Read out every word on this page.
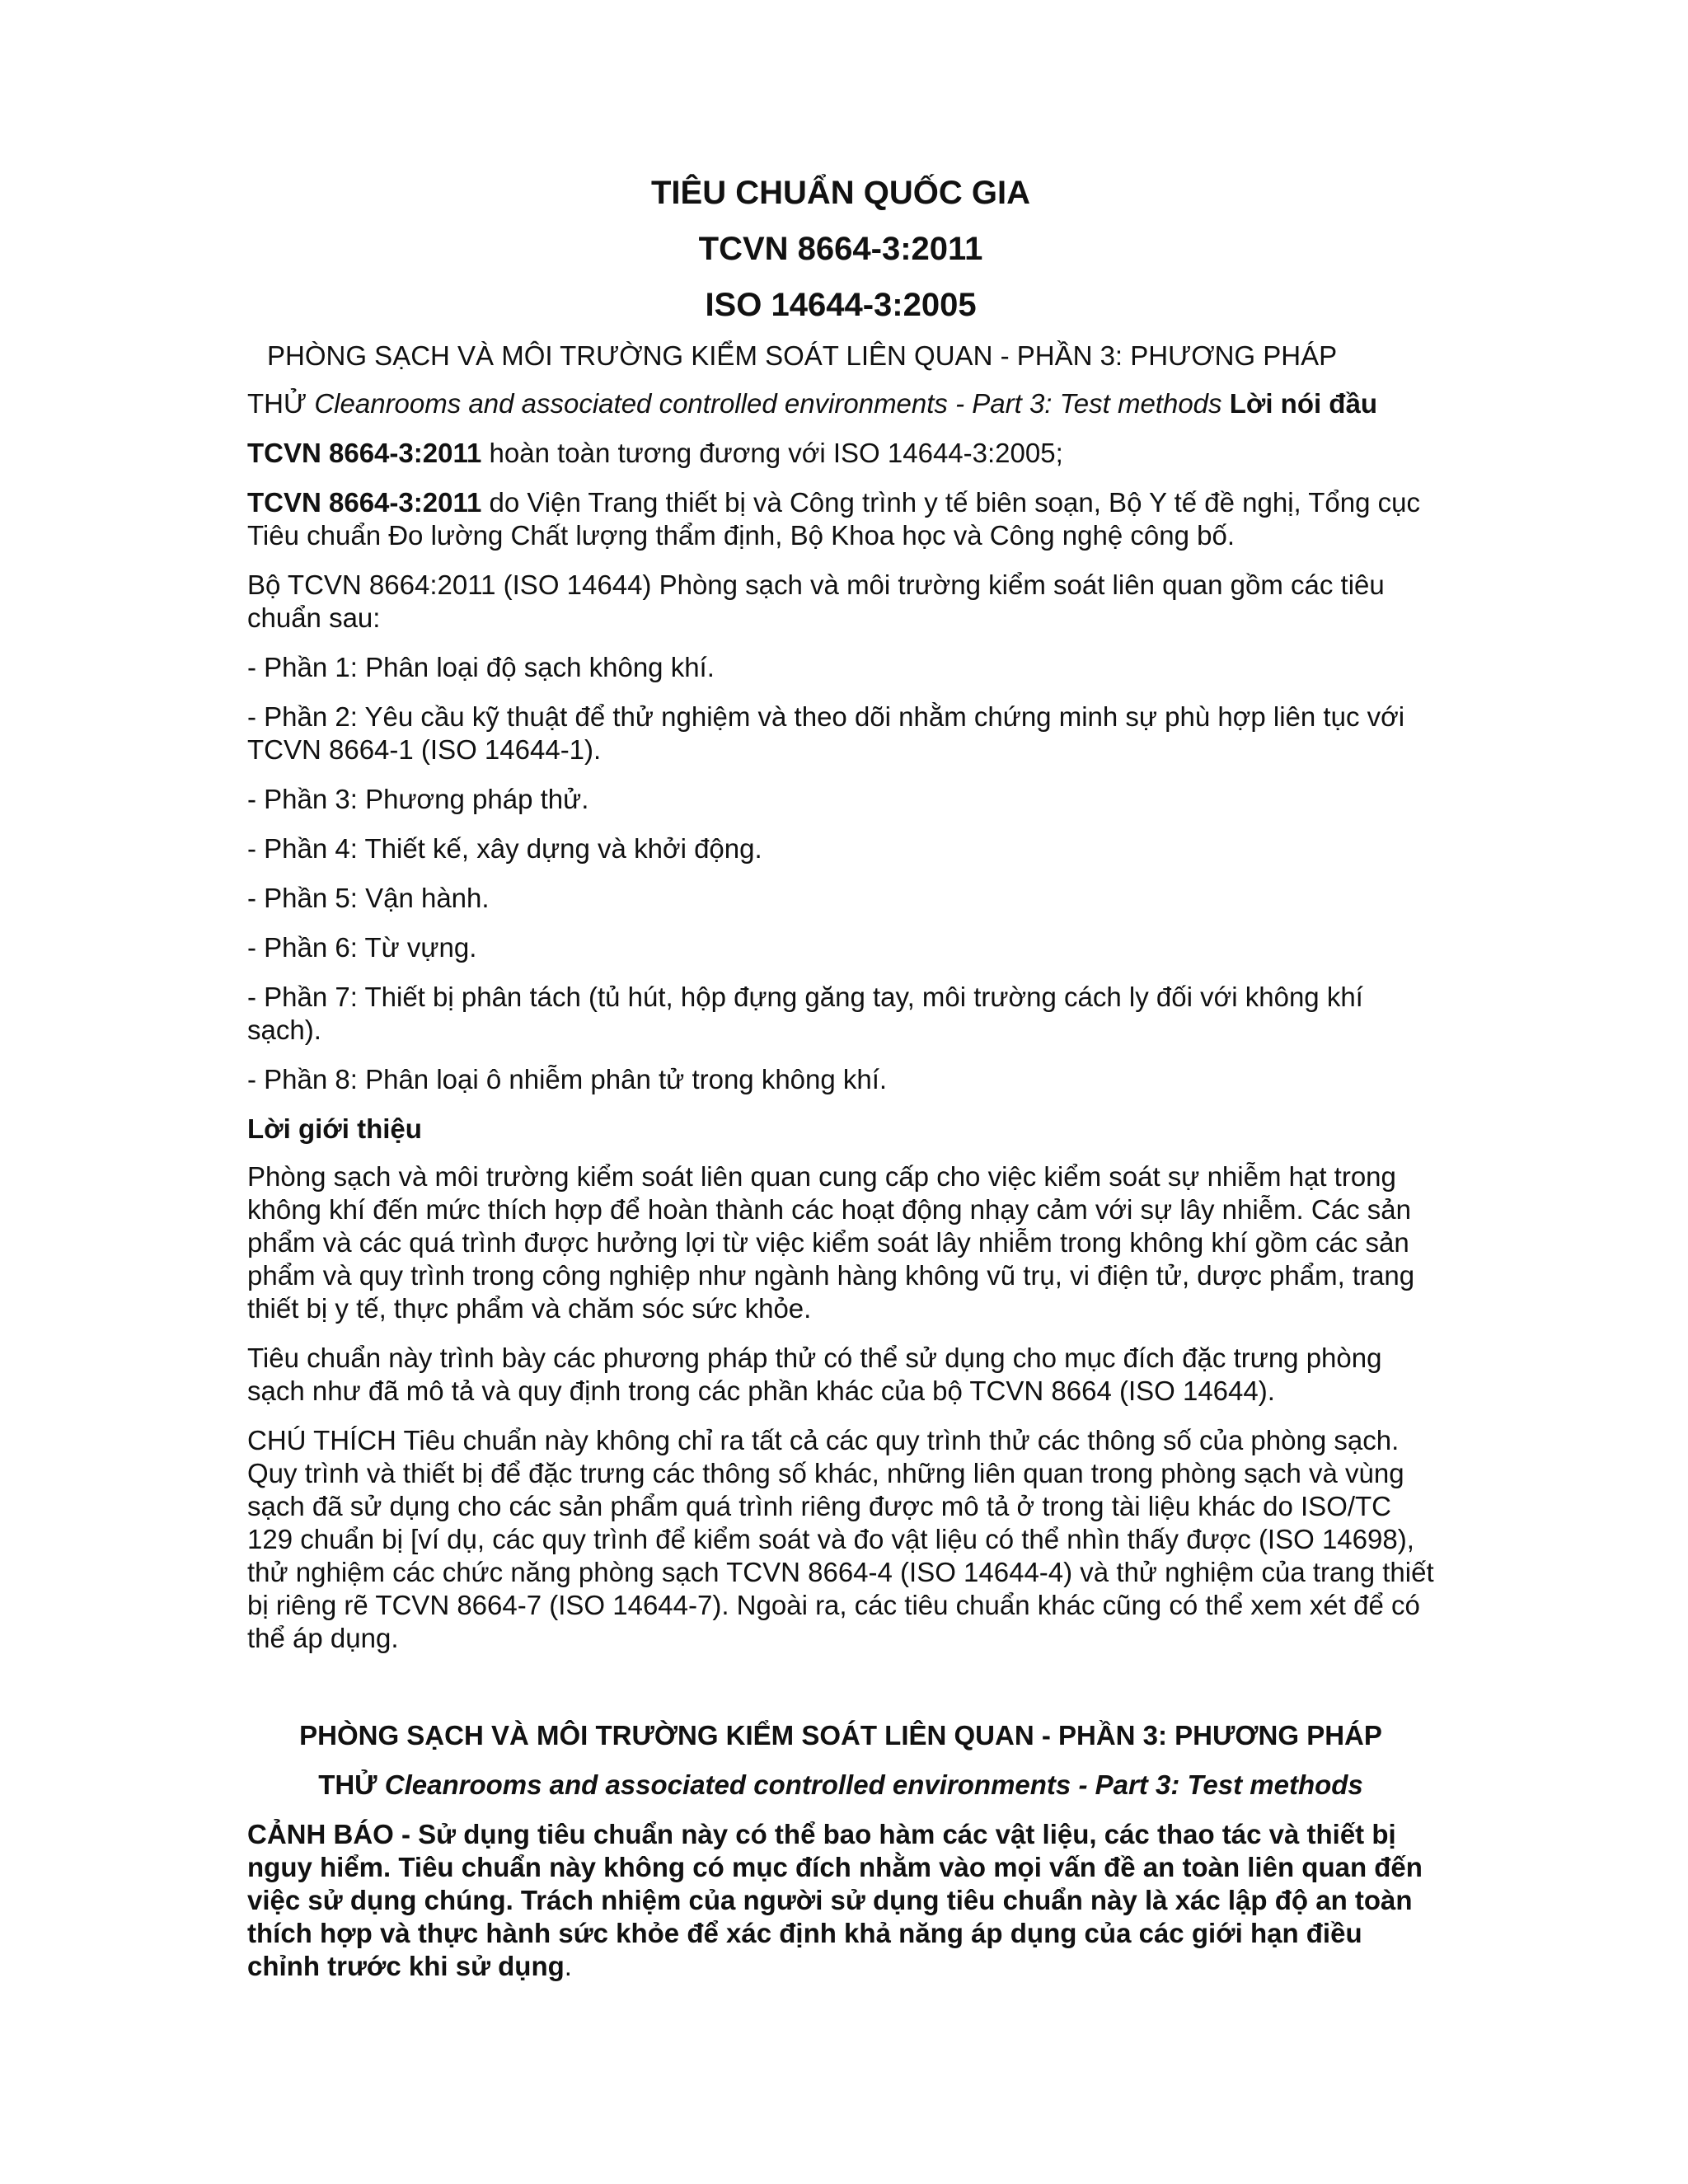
TIÊU CHUẨN QUỐC GIA

TCVN 8664-3:2011

ISO 14644-3:2005

PHÒNG SẠCH VÀ MÔI TRƯỜNG KIỂM SOÁT LIÊN QUAN - PHẦN 3: PHƯƠNG PHÁP

THỬ Cleanrooms and associated controlled environments - Part 3: Test methods Lời nói đầu

TCVN 8664-3:2011 hoàn toàn tương đương với ISO 14644-3:2005;

TCVN 8664-3:2011 do Viện Trang thiết bị và Công trình y tế biên soạn, Bộ Y tế đề nghị, Tổng cục Tiêu chuẩn Đo lường Chất lượng thẩm định, Bộ Khoa học và Công nghệ công bố.

Bộ TCVN 8664:2011 (ISO 14644) Phòng sạch và môi trường kiểm soát liên quan gồm các tiêu chuẩn sau:

- Phần 1: Phân loại độ sạch không khí.

- Phần 2: Yêu cầu kỹ thuật để thử nghiệm và theo dõi nhằm chứng minh sự phù hợp liên tục với TCVN 8664-1 (ISO 14644-1).

- Phần 3: Phương pháp thử.

- Phần 4: Thiết kế, xây dựng và khởi động.

- Phần 5: Vận hành.

- Phần 6: Từ vựng.

- Phần 7: Thiết bị phân tách (tủ hút, hộp đựng găng tay, môi trường cách ly đối với không khí sạch).

- Phần 8: Phân loại ô nhiễm phân tử trong không khí.

Lời giới thiệu

Phòng sạch và môi trường kiểm soát liên quan cung cấp cho việc kiểm soát sự nhiễm hạt trong không khí đến mức thích hợp để hoàn thành các hoạt động nhạy cảm với sự lây nhiễm. Các sản phẩm và các quá trình được hưởng lợi từ việc kiểm soát lây nhiễm trong không khí gồm các sản phẩm và quy trình trong công nghiệp như ngành hàng không vũ trụ, vi điện tử, dược phẩm, trang thiết bị y tế, thực phẩm và chăm sóc sức khỏe.

Tiêu chuẩn này trình bày các phương pháp thử có thể sử dụng cho mục đích đặc trưng phòng sạch như đã mô tả và quy định trong các phần khác của bộ TCVN 8664 (ISO 14644).

CHÚ THÍCH Tiêu chuẩn này không chỉ ra tất cả các quy trình thử các thông số của phòng sạch. Quy trình và thiết bị để đặc trưng các thông số khác, những liên quan trong phòng sạch và vùng sạch đã sử dụng cho các sản phẩm quá trình riêng được mô tả ở trong tài liệu khác do ISO/TC 129 chuẩn bị [ví dụ, các quy trình để kiểm soát và đo vật liệu có thể nhìn thấy được (ISO 14698), thử nghiệm các chức năng phòng sạch TCVN 8664-4 (ISO 14644-4) và thử nghiệm của trang thiết bị riêng rẽ TCVN 8664-7 (ISO 14644-7). Ngoài ra, các tiêu chuẩn khác cũng có thể xem xét để có thể áp dụng.

PHÒNG SẠCH VÀ MÔI TRƯỜNG KIỂM SOÁT LIÊN QUAN - PHẦN 3: PHƯƠNG PHÁP

THỬ Cleanrooms and associated controlled environments - Part 3: Test methods

CẢNH BÁO - Sử dụng tiêu chuẩn này có thể bao hàm các vật liệu, các thao tác và thiết bị nguy hiểm. Tiêu chuẩn này không có mục đích nhằm vào mọi vấn đề an toàn liên quan đến việc sử dụng chúng. Trách nhiệm của người sử dụng tiêu chuẩn này là xác lập độ an toàn thích hợp và thực hành sức khỏe để xác định khả năng áp dụng của các giới hạn điều chỉnh trước khi sử dụng.
